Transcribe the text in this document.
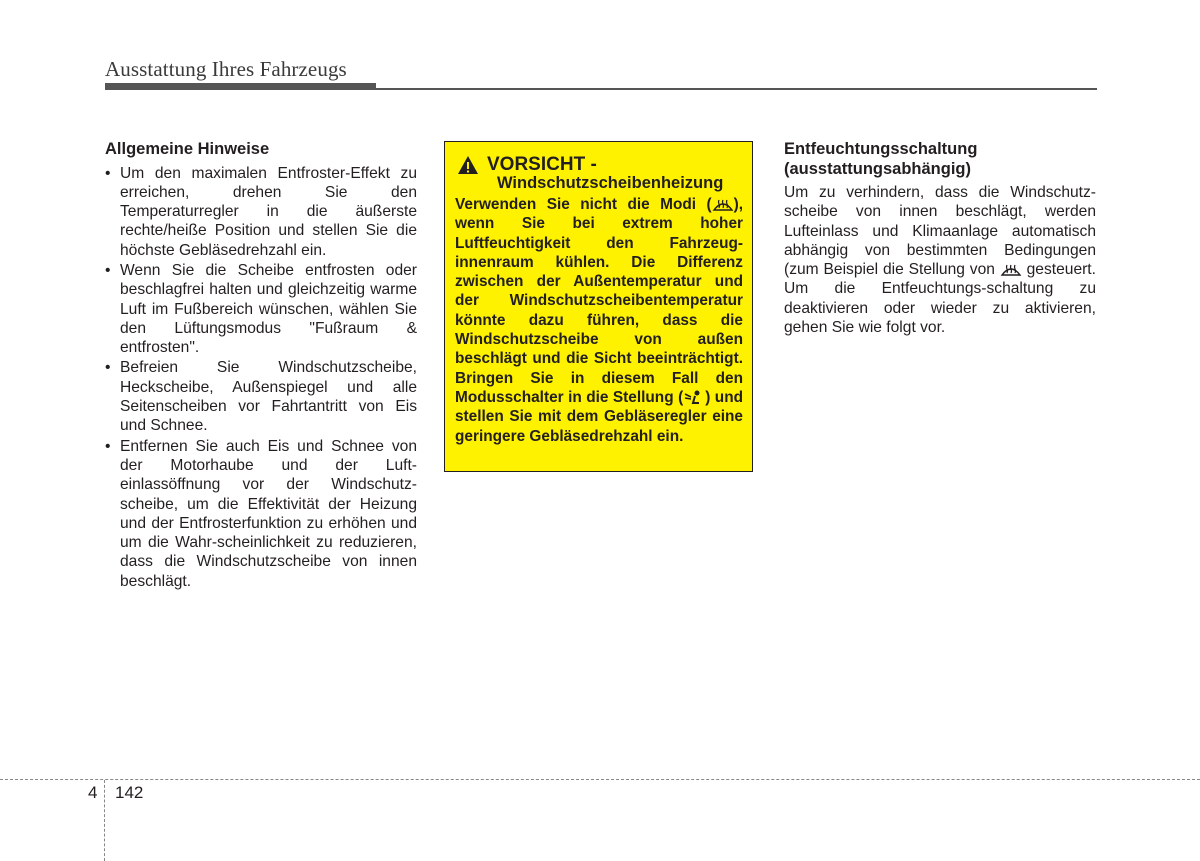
Ausstattung Ihres Fahrzeugs
Allgemeine Hinweise
• Um den maximalen Entfroster-Effekt zu erreichen, drehen Sie den Temperaturregler in die äußerste rechte/heiße Position und stellen Sie die höchste Gebläsedrehzahl ein.
• Wenn Sie die Scheibe entfrosten oder beschlagfrei halten und gleichzeitig warme Luft im Fußbereich wünschen, wählen Sie den Lüftungsmodus "Fußraum & entfrosten".
• Befreien Sie Windschutzscheibe, Heckscheibe, Außenspiegel und alle Seitenscheiben vor Fahrtantritt von Eis und Schnee.
• Entfernen Sie auch Eis und Schnee von der Motorhaube und der Luft-einlassöffnung vor der Windschutz-scheibe, um die Effektivität der Heizung und der Entfrosterfunktion zu erhöhen und um die Wahr-scheinlichkeit zu reduzieren, dass die Windschutzscheibe von innen beschlägt.
VORSICHT -
Windschutzscheibenheizung
Verwenden Sie nicht die Modi ( ), wenn Sie bei extrem hoher Luftfeuchtigkeit den Fahrzeug-innenraum kühlen. Die Differenz zwischen der Außentemperatur und der Windschutzscheibentemperatur könnte dazu führen, dass die Windschutzscheibe von außen beschlägt und die Sicht beeinträchtigt. Bringen Sie in diesem Fall den Modusschalter in die Stellung ( ) und stellen Sie mit dem Gebläseregler eine geringere Gebläsedrehzahl ein.
Entfeuchtungsschaltung
(ausstattungsabhängig)
Um zu verhindern, dass die Windschutz-scheibe von innen beschlägt, werden Lufteinlass und Klimaanlage automatisch abhängig von bestimmten Bedingungen (zum Beispiel die Stellung von gesteuert. Um die Entfeuchtungs-schaltung zu deaktivieren oder wieder zu aktivieren, gehen Sie wie folgt vor.
4 142
